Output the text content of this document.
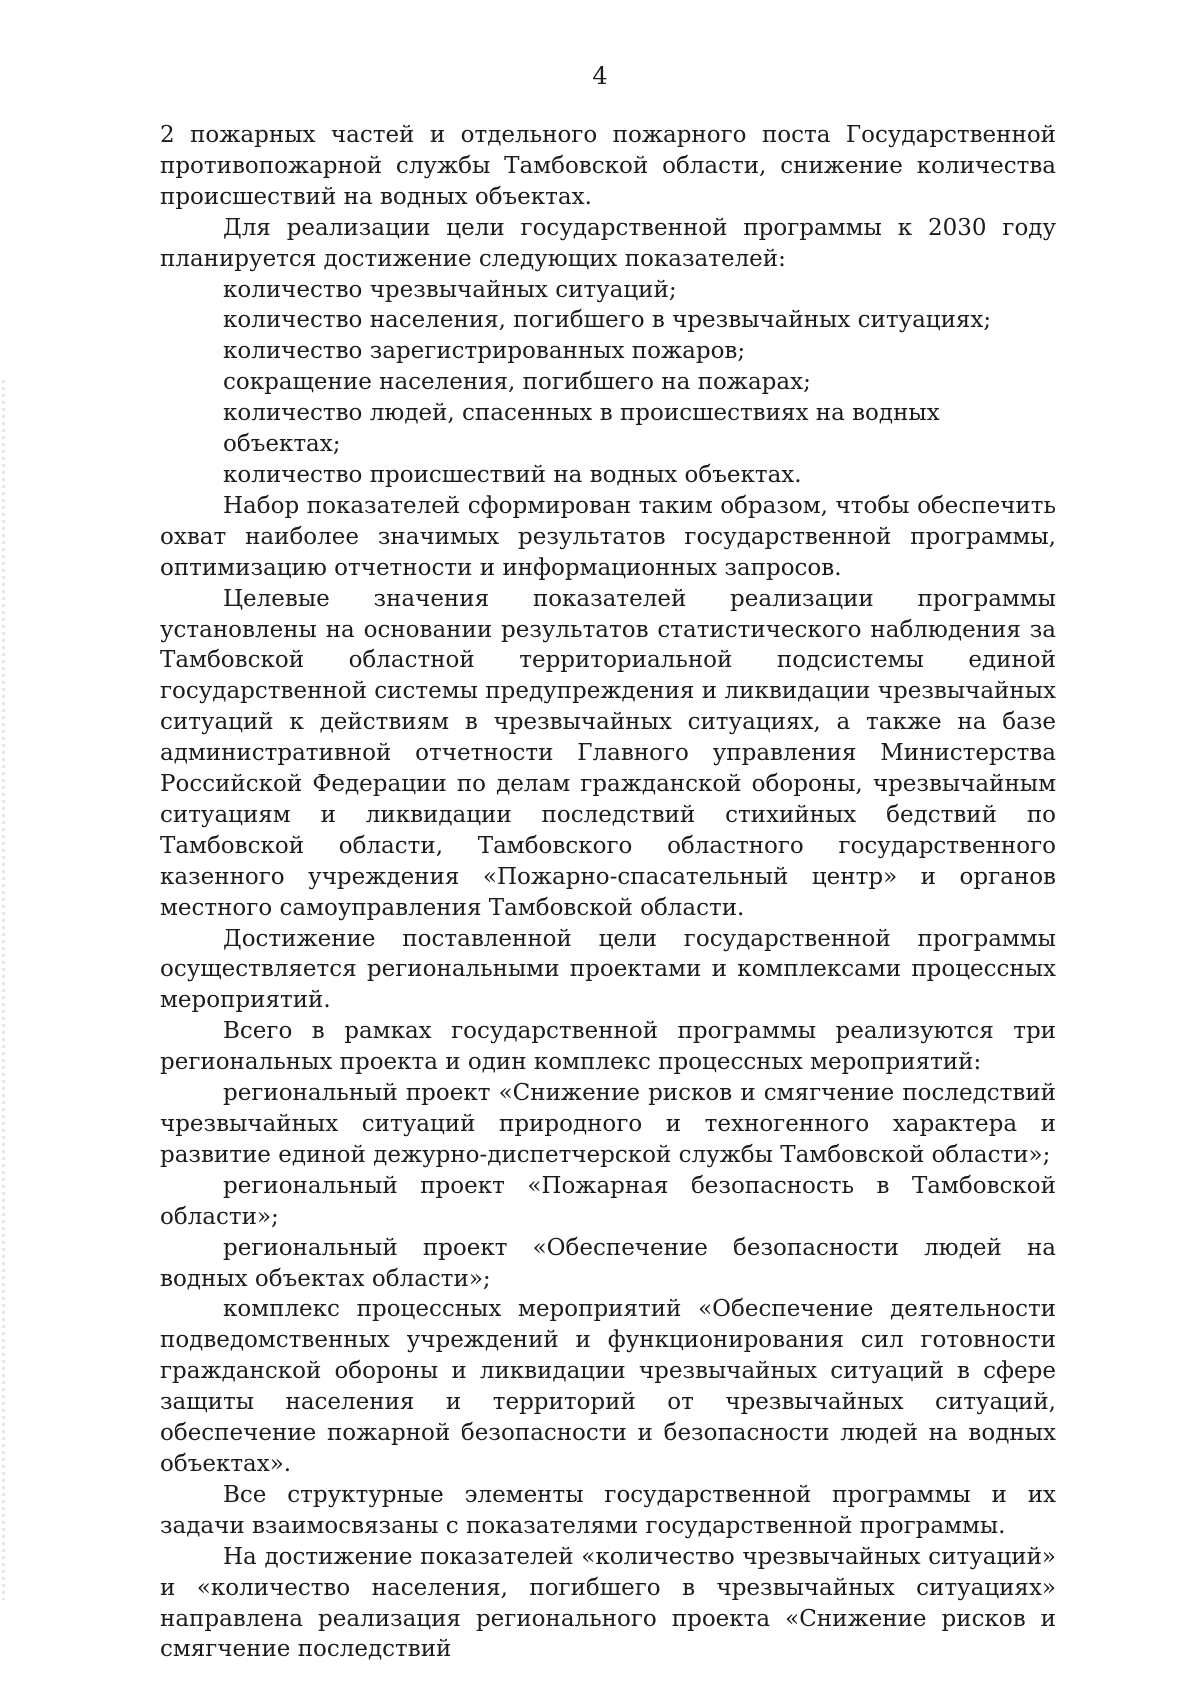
4

2 пожарных частей и отдельного пожарного поста Государственной противопожарной службы Тамбовской области, снижение количества происшествий на водных объектах.

Для реализации цели государственной программы к 2030 году планируется достижение следующих показателей:

количество чрезвычайных ситуаций;

количество населения, погибшего в чрезвычайных ситуациях;

количество зарегистрированных пожаров;

сокращение населения, погибшего на пожарах;

количество людей, спасенных в происшествиях на водных объектах;

количество происшествий на водных объектах.

Набор показателей сформирован таким образом, чтобы обеспечить охват наиболее значимых результатов государственной программы, оптимизацию отчетности и информационных запросов.

Целевые значения показателей реализации программы установлены на основании результатов статистического наблюдения за Тамбовской областной территориальной подсистемы единой государственной системы предупреждения и ликвидации чрезвычайных ситуаций к действиям в чрезвычайных ситуациях, а также на базе административной отчетности Главного управления Министерства Российской Федерации по делам гражданской обороны, чрезвычайным ситуациям и ликвидации последствий стихийных бедствий по Тамбовской области, Тамбовского областного государственного казенного учреждения «Пожарно-спасательный центр» и органов местного самоуправления Тамбовской области.

Достижение поставленной цели государственной программы осуществляется региональными проектами и комплексами процессных мероприятий.

Всего в рамках государственной программы реализуются три региональных проекта и один комплекс процессных мероприятий:

региональный проект «Снижение рисков и смягчение последствий чрезвычайных ситуаций природного и техногенного характера и развитие единой дежурно-диспетчерской службы Тамбовской области»;

региональный проект «Пожарная безопасность в Тамбовской области»;

региональный проект «Обеспечение безопасности людей на водных объектах области»;

комплекс процессных мероприятий «Обеспечение деятельности подведомственных учреждений и функционирования сил готовности гражданской обороны и ликвидации чрезвычайных ситуаций в сфере защиты населения и территорий от чрезвычайных ситуаций, обеспечение пожарной безопасности и безопасности людей на водных объектах».

Все структурные элементы государственной программы и их задачи взаимосвязаны с показателями государственной программы.

На достижение показателей «количество чрезвычайных ситуаций» и «количество населения, погибшего в чрезвычайных ситуациях» направлена реализация регионального проекта «Снижение рисков и смягчение последствий
